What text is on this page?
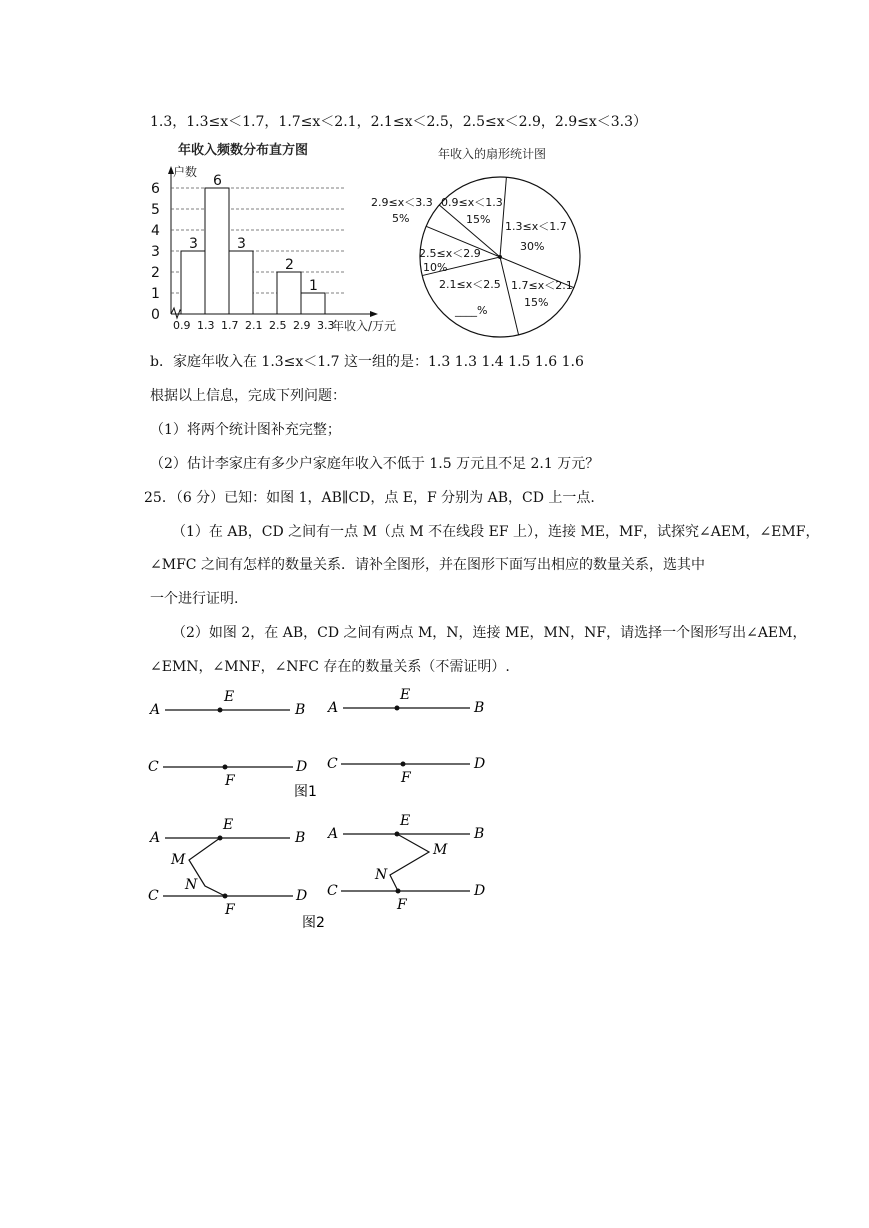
1.3，1.3≤x＜1.7，1.7≤x＜2.1，2.1≤x＜2.5，2.5≤x＜2.9，2.9≤x＜3.3）
年收入频数分布直方图
户数
0
1
2
3
4
5
6
0.9 1.3 1.7 2.1 2.5 2.9 3.3
3
6
3
2
1
年收入/万元
年收入的扇形统计图
1.3≤x＜1.7
30%
1.7≤x＜2.1
15%
2.1≤x＜2.5
____%
2.5≤x＜2.9
10%
2.9≤x＜3.3
5%
0.9≤x＜1.3
15%
b．家庭年收入在 1.3≤x＜1.7 这一组的是：1.3 1.3 1.4 1.5 1.6 1.6
根据以上信息，完成下列问题：
（1）将两个统计图补充完整；
（2）估计李家庄有多少户家庭年收入不低于 1.5 万元且不足 2.1 万元？
25．（6 分）已知：如图 1，AB∥CD，点 E，F 分别为 AB，CD 上一点.
（1）在 AB，CD 之间有一点 M（点 M 不在线段 EF 上），连接 ME，MF，试探究∠AEM，∠EMF，
∠MFC 之间有怎样的数量关系．请补全图形，并在图形下面写出相应的数量关系，选其中
一个进行证明.
（2）如图 2，在 AB，CD 之间有两点 M，N，连接 ME，MN，NF，请选择一个图形写出∠AEM，
∠EMN，∠MNF，∠NFC 存在的数量关系（不需证明）.
A
E
B
C
F
D
A
E
B
C
F
D
图1
A
E
B
C
F
D
M
N
A
E
B
C
F
D
M
N
图2
